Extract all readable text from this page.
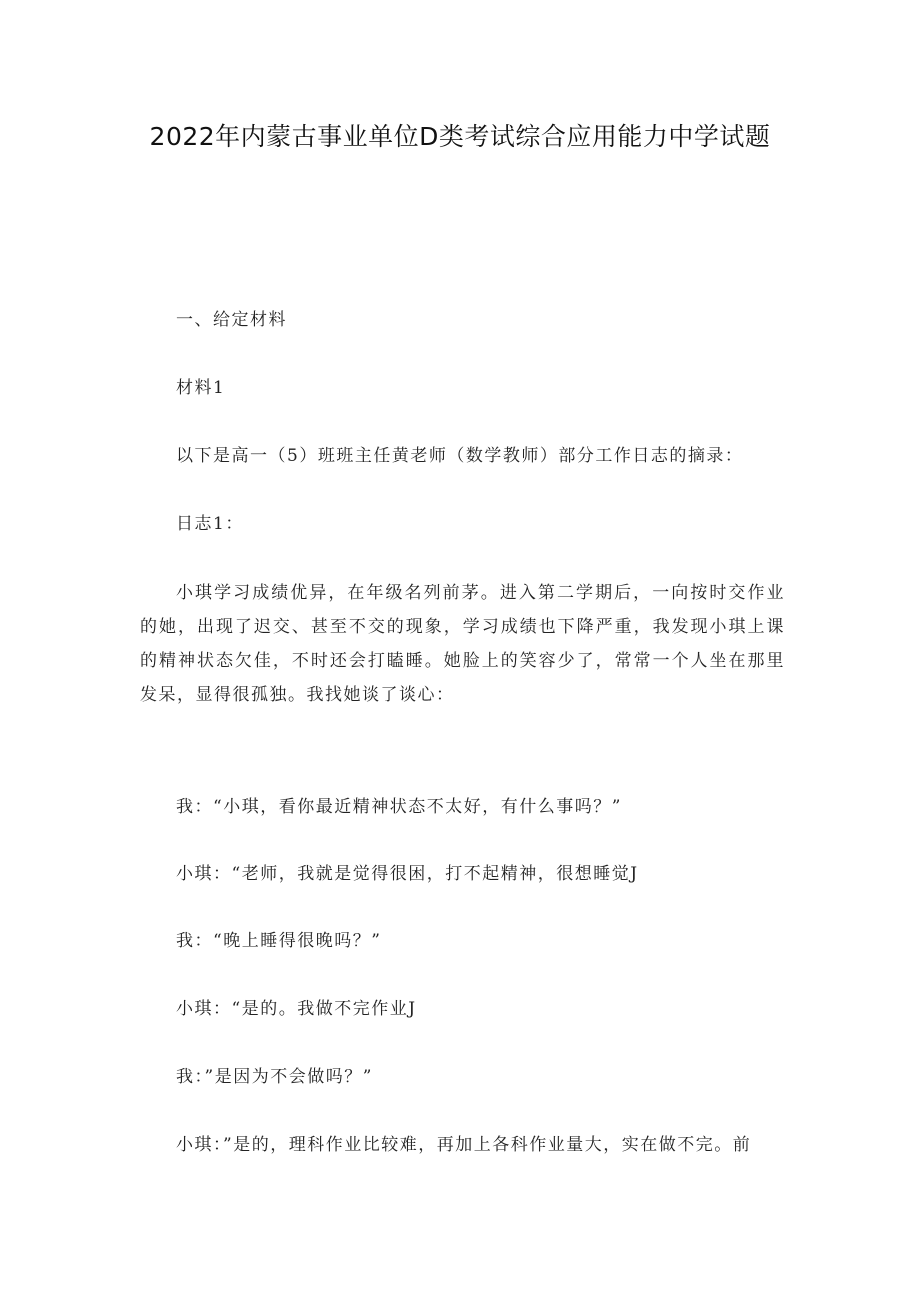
2022年内蒙古事业单位D类考试综合应用能力中学试题

一、给定材料

材料1

以下是高一（5）班班主任黄老师（数学教师）部分工作日志的摘录：

日志1：

小琪学习成绩优异，在年级名列前茅。进入第二学期后，一向按时交作业的她，出现了迟交、甚至不交的现象，学习成绩也下降严重，我发现小琪上课的精神状态欠佳，不时还会打瞌睡。她脸上的笑容少了，常常一个人坐在那里发呆，显得很孤独。我找她谈了谈心：

我：“小琪，看你最近精神状态不太好，有什么事吗？”

小琪：“老师，我就是觉得很困，打不起精神，很想睡觉J

我：“晚上睡得很晚吗？”

小琪：“是的。我做不完作业J

我：”是因为不会做吗？”

小琪：”是的，理科作业比较难，再加上各科作业量大，实在做不完。前
